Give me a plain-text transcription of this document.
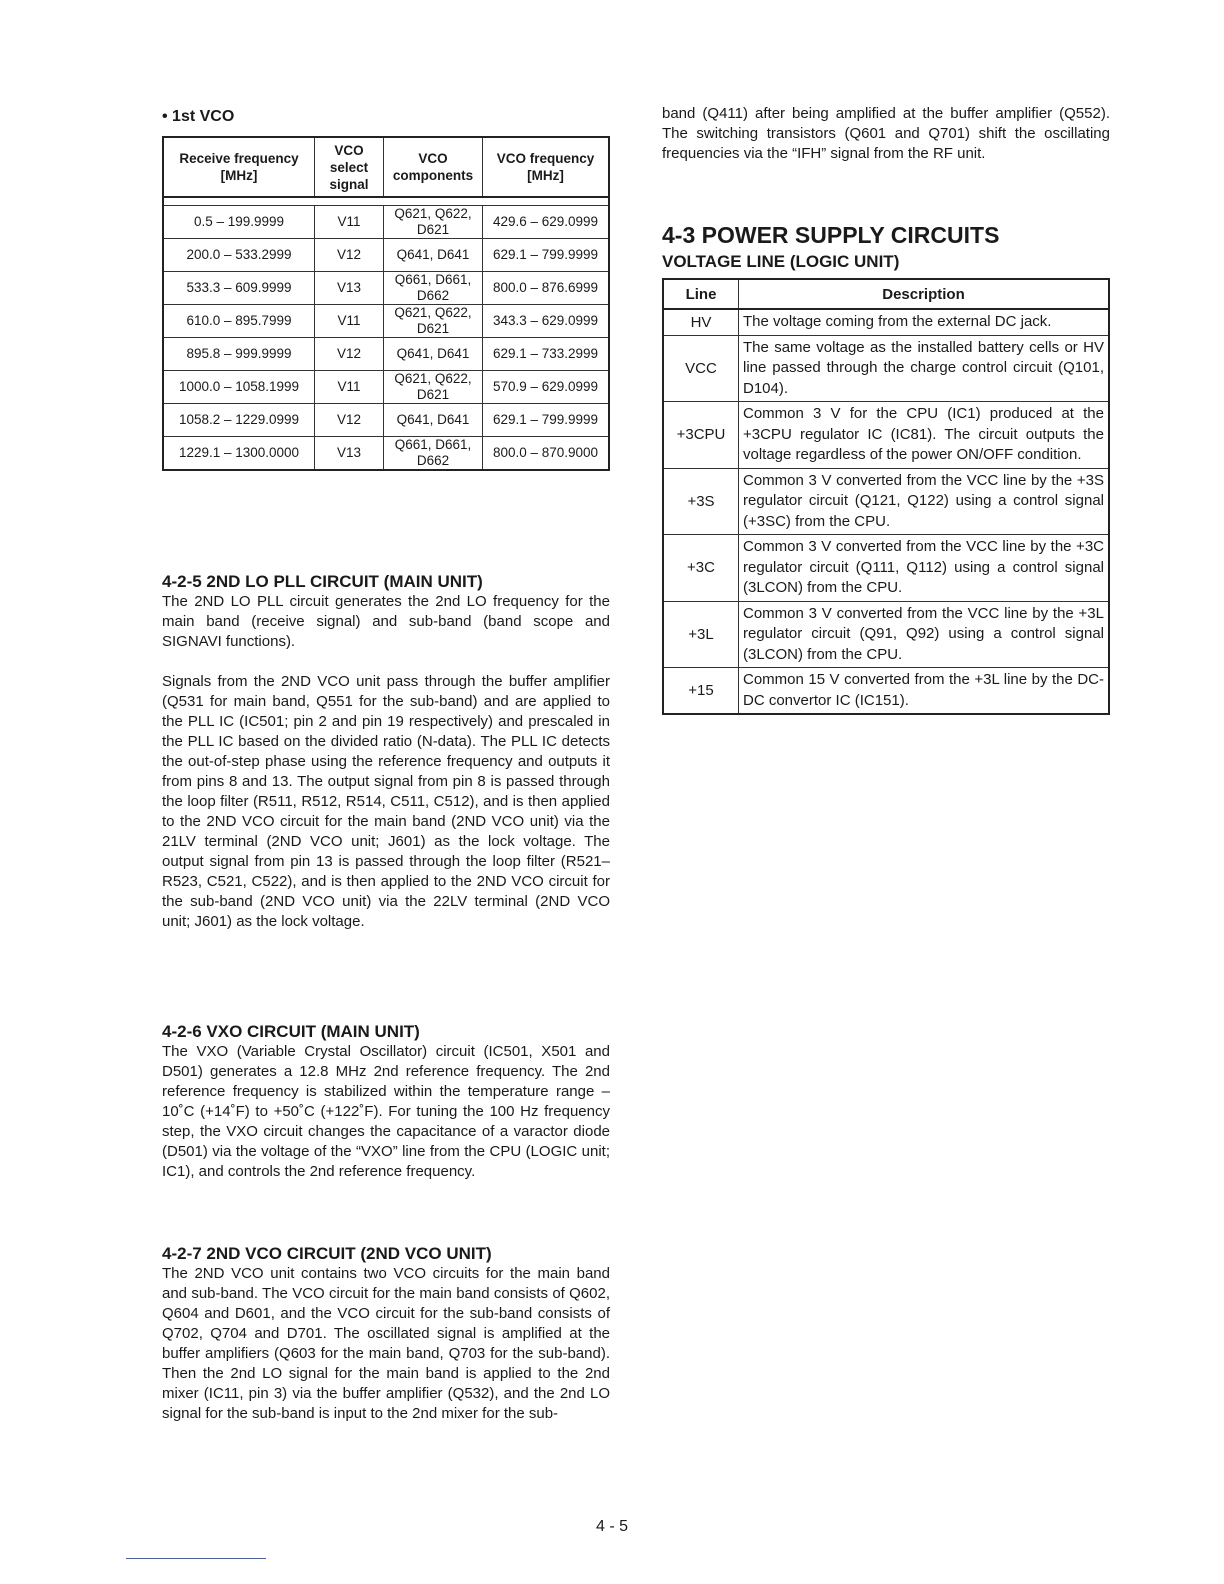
• 1st VCO
Receive frequency [MHz]	VCO select signal	VCO components	VCO frequency [MHz]

0.5 – 199.9999	V11	Q621, Q622, D621	429.6 – 629.0999
200.0 – 533.2999	V12	Q641, D641	629.1 – 799.9999
533.3 – 609.9999	V13	Q661, D661, D662	800.0 – 876.6999
610.0 – 895.7999	V11	Q621, Q622, D621	343.3 – 629.0999
895.8 – 999.9999	V12	Q641, D641	629.1 – 733.2999
1000.0 – 1058.1999	V11	Q621, Q622, D621	570.9 – 629.0999
1058.2 – 1229.0999	V12	Q641, D641	629.1 – 799.9999
1229.1 – 1300.0000	V13	Q661, D661, D662	800.0 – 870.9000
4-2-5 2ND LO PLL CIRCUIT (MAIN UNIT)

The 2ND LO PLL circuit generates the 2nd LO frequency for the main band (receive signal) and sub-band (band scope and SIGNAVI functions).

Signals from the 2ND VCO unit pass through the buffer amplifier (Q531 for main band, Q551 for the sub-band) and are applied to the PLL IC (IC501; pin 2 and pin 19 respectively) and prescaled in the PLL IC based on the divided ratio (N-data). The PLL IC detects the out-of-step phase using the reference frequency and outputs it from pins 8 and 13. The output signal from pin 8 is passed through the loop filter (R511, R512, R514, C511, C512), and is then applied to the 2ND VCO circuit for the main band (2ND VCO unit) via the 21LV terminal (2ND VCO unit; J601) as the lock voltage. The output signal from pin 13 is passed through the loop filter (R521–R523, C521, C522), and is then applied to the 2ND VCO circuit for the sub-band (2ND VCO unit) via the 22LV terminal (2ND VCO unit; J601) as the lock voltage.

4-2-6 VXO CIRCUIT (MAIN UNIT)

The VXO (Variable Crystal Oscillator) circuit (IC501, X501 and D501) generates a 12.8 MHz 2nd reference frequency. The 2nd reference frequency is stabilized within the temperature range –10˚C (+14˚F) to +50˚C (+122˚F). For tuning the 100 Hz frequency step, the VXO circuit changes the capacitance of a varactor diode (D501) via the voltage of the “VXO” line from the CPU (LOGIC unit; IC1), and controls the 2nd reference frequency.

4-2-7 2ND VCO CIRCUIT (2ND VCO UNIT)

The 2ND VCO unit contains two VCO circuits for the main band and sub-band. The VCO circuit for the main band consists of Q602, Q604 and D601, and the VCO circuit for the sub-band consists of Q702, Q704 and D701. The oscillated signal is amplified at the buffer amplifiers (Q603 for the main band, Q703 for the sub-band). Then the 2nd LO signal for the main band is applied to the 2nd mixer (IC11, pin 3) via the buffer amplifier (Q532), and the 2nd LO signal for the sub-band is input to the 2nd mixer for the sub-

band (Q411) after being amplified at the buffer amplifier (Q552). The switching transistors (Q601 and Q701) shift the oscillating frequencies via the “IFH” signal from the RF unit.

4-3 POWER SUPPLY CIRCUITS
VOLTAGE LINE (LOGIC UNIT)
Line	Description
HV	The voltage coming from the external DC jack.
VCC	The same voltage as the installed battery cells or HV line passed through the charge control circuit (Q101, D104).
+3CPU	Common 3 V for the CPU (IC1) produced at the +3CPU regulator IC (IC81). The circuit outputs the voltage regardless of the power ON/OFF condition.
+3S	Common 3 V converted from the VCC line by the +3S regulator circuit (Q121, Q122) using a control signal (+3SC) from the CPU.
+3C	Common 3 V converted from the VCC line by the +3C regulator circuit (Q111, Q112) using a control signal (3LCON) from the CPU.
+3L	Common 3 V converted from the VCC line by the +3L regulator circuit (Q91, Q92) using a control signal (3LCON) from the CPU.
+15	Common 15 V converted from the +3L line by the DC-DC convertor IC (IC151).
4 - 5
